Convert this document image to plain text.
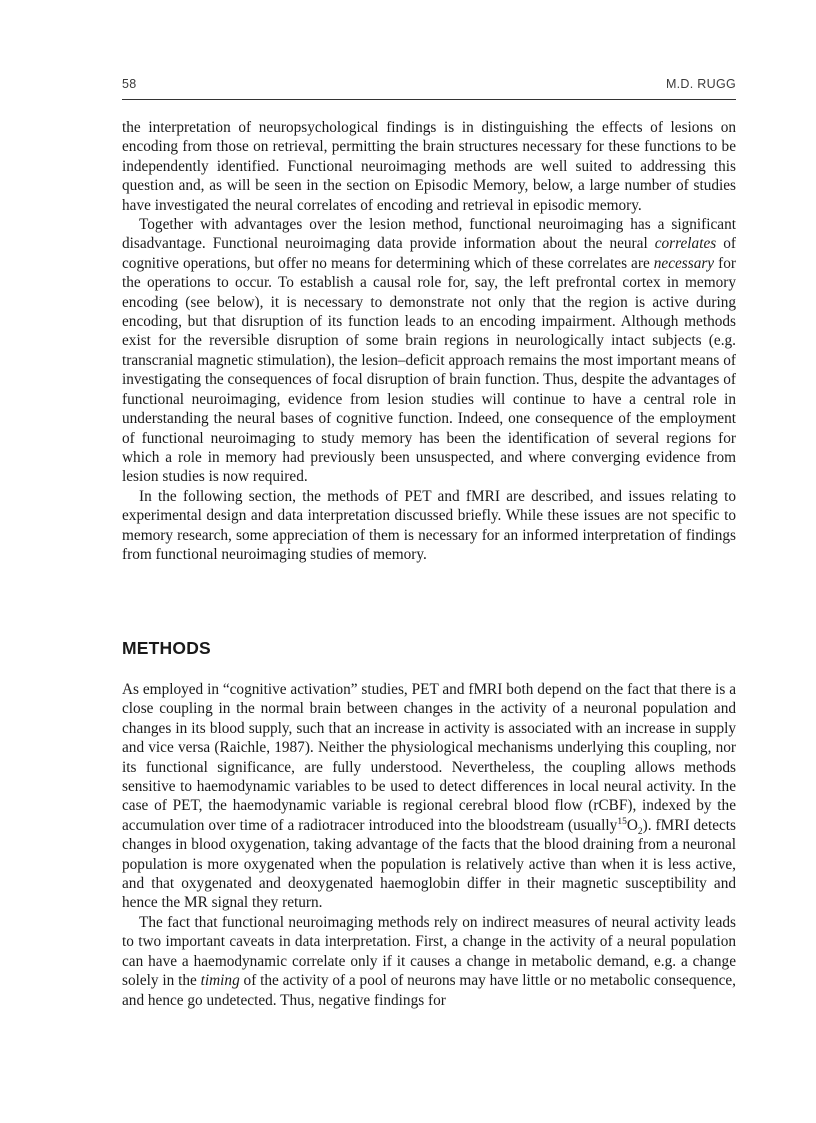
58	M.D. RUGG

the interpretation of neuropsychological findings is in distinguishing the effects of lesions on encoding from those on retrieval, permitting the brain structures necessary for these functions to be independently identified. Functional neuroimaging methods are well suited to addressing this question and, as will be seen in the section on Episodic Memory, below, a large number of studies have investigated the neural correlates of encoding and retrieval in episodic memory.

Together with advantages over the lesion method, functional neuroimaging has a significant disadvantage. Functional neuroimaging data provide information about the neural correlates of cognitive operations, but offer no means for determining which of these correlates are necessary for the operations to occur. To establish a causal role for, say, the left prefrontal cortex in memory encoding (see below), it is necessary to demonstrate not only that the region is active during encoding, but that disruption of its function leads to an encoding impairment. Although methods exist for the reversible disruption of some brain regions in neurologically intact subjects (e.g. transcranial magnetic stimulation), the lesion–deficit approach remains the most important means of investigating the consequences of focal disruption of brain function. Thus, despite the advantages of functional neuroimaging, evidence from lesion studies will continue to have a central role in understanding the neural bases of cognitive function. Indeed, one consequence of the employment of functional neuroimaging to study memory has been the identification of several regions for which a role in memory had previously been unsuspected, and where converging evidence from lesion studies is now required.

In the following section, the methods of PET and fMRI are described, and issues relating to experimental design and data interpretation discussed briefly. While these issues are not specific to memory research, some appreciation of them is necessary for an informed interpretation of findings from functional neuroimaging studies of memory.

METHODS

As employed in “cognitive activation” studies, PET and fMRI both depend on the fact that there is a close coupling in the normal brain between changes in the activity of a neuronal population and changes in its blood supply, such that an increase in activity is associated with an increase in supply and vice versa (Raichle, 1987). Neither the physiological mechanisms underlying this coupling, nor its functional significance, are fully understood. Nevertheless, the coupling allows methods sensitive to haemodynamic variables to be used to detect differences in local neural activity. In the case of PET, the haemodynamic variable is regional cerebral blood flow (rCBF), indexed by the accumulation over time of a radiotracer introduced into the bloodstream $(usually^{15}O_2)$. fMRI detects changes in blood oxygenation, taking advantage of the facts that the blood draining from a neuronal population is more oxygenated when the population is relatively active than when it is less active, and that oxygenated and deoxygenated haemoglobin differ in their magnetic susceptibility and hence the MR signal they return.

The fact that functional neuroimaging methods rely on indirect measures of neural activity leads to two important caveats in data interpretation. First, a change in the activity of a neural population can have a haemodynamic correlate only if it causes a change in metabolic demand, e.g. a change solely in the timing of the activity of a pool of neurons may have little or no metabolic consequence, and hence go undetected. Thus, negative findings for
